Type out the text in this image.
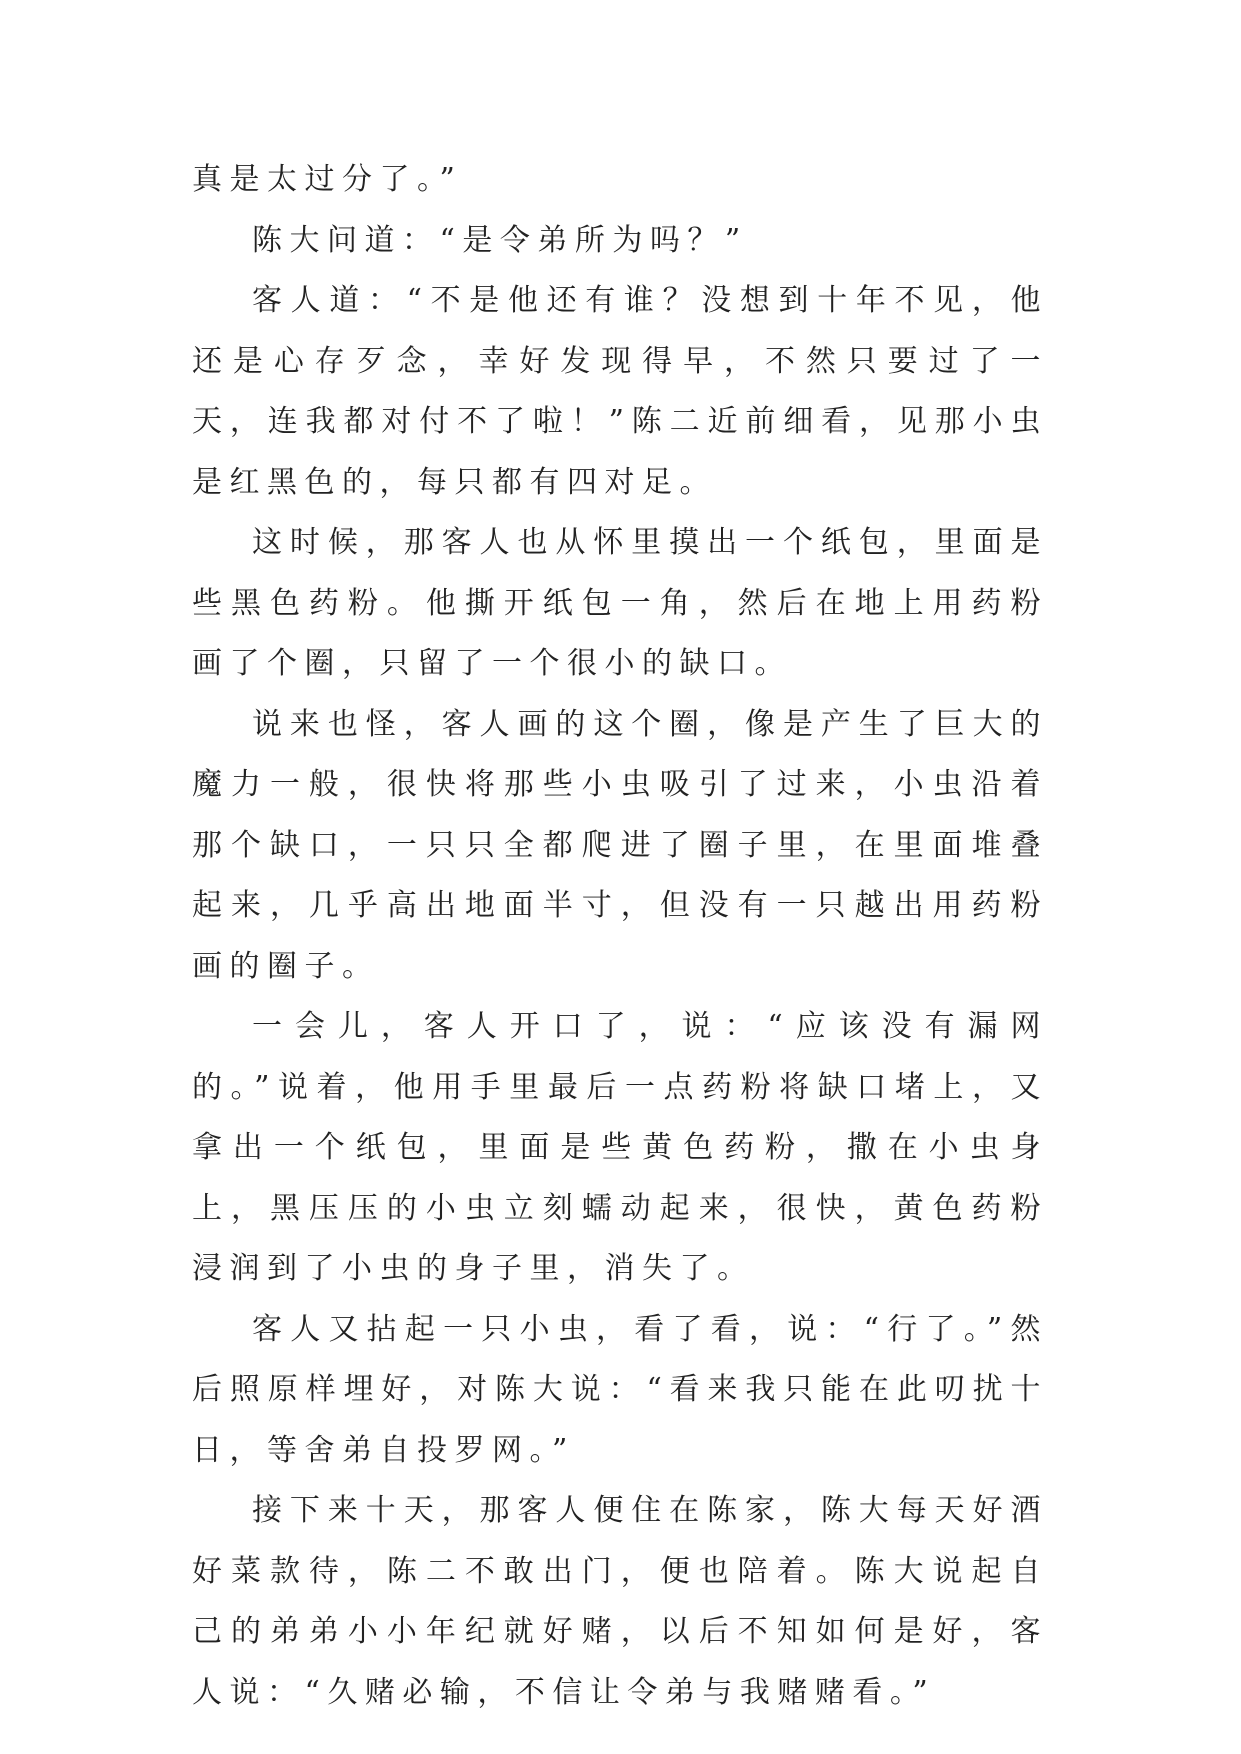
真是太过分了。”

陈大问道：“是令弟所为吗？”

客人道：“不是他还有谁？没想到十年不见，他还是心存歹念，幸好发现得早，不然只要过了一天，连我都对付不了啦！”陈二近前细看，见那小虫是红黑色的，每只都有四对足。

这时候，那客人也从怀里摸出一个纸包，里面是些黑色药粉。他撕开纸包一角，然后在地上用药粉画了个圈，只留了一个很小的缺口。

说来也怪，客人画的这个圈，像是产生了巨大的魔力一般，很快将那些小虫吸引了过来，小虫沿着那个缺口，一只只全都爬进了圈子里，在里面堆叠起来，几乎高出地面半寸，但没有一只越出用药粉画的圈子。

一会儿，客人开口了，说：“应该没有漏网的。”说着，他用手里最后一点药粉将缺口堵上，又拿出一个纸包，里面是些黄色药粉，撒在小虫身上，黑压压的小虫立刻蠕动起来，很快，黄色药粉浸润到了小虫的身子里，消失了。

客人又拈起一只小虫，看了看，说：“行了。”然后照原样埋好，对陈大说：“看来我只能在此叨扰十日，等舍弟自投罗网。”

接下来十天，那客人便住在陈家，陈大每天好酒好菜款待，陈二不敢出门，便也陪着。陈大说起自己的弟弟小小年纪就好赌，以后不知如何是好，客人说：“久赌必输，不信让令弟与我赌赌看。”
